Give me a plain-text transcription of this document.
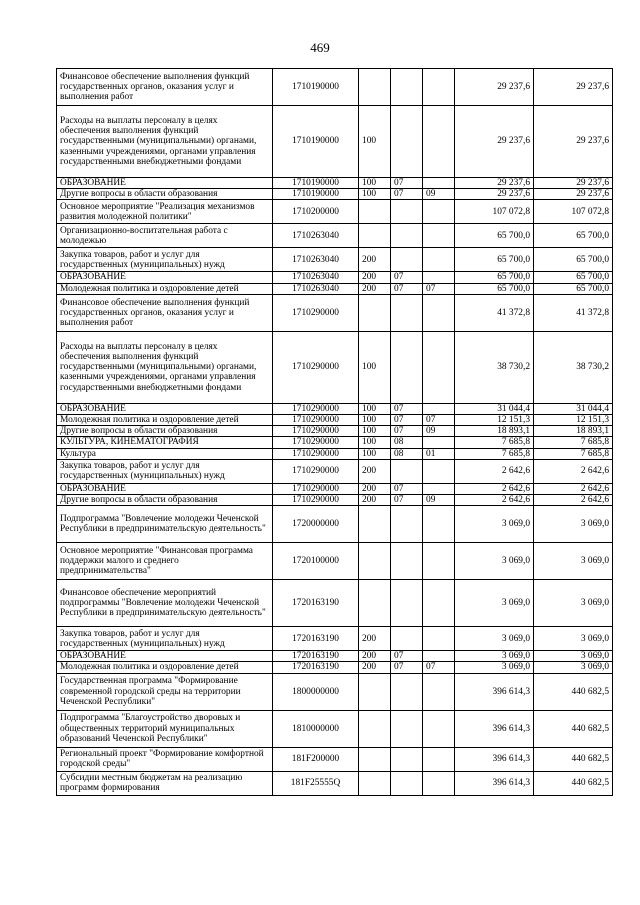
469
Финансовое обеспечение выполнения функций государственных органов, оказания услуг и выполнения работ	1710190000				29 237,6	29 237,6
Расходы на выплаты персоналу в целях обеспечения выполнения функций государственными (муниципальными) органами, казенными учреждениями, органами управления государственными внебюджетными фондами	1710190000	100			29 237,6	29 237,6
ОБРАЗОВАНИЕ	1710190000	100	07		29 237,6	29 237,6
Другие вопросы в области образования	1710190000	100	07	09	29 237,6	29 237,6
Основное мероприятие "Реализация механизмов развития молодежной политики"	1710200000				107 072,8	107 072,8
Организационно-воспитательная работа с молодежью	1710263040				65 700,0	65 700,0
Закупка товаров, работ и услуг для государственных (муниципальных) нужд	1710263040	200			65 700,0	65 700,0
ОБРАЗОВАНИЕ	1710263040	200	07		65 700,0	65 700,0
Молодежная политика и оздоровление детей	1710263040	200	07	07	65 700,0	65 700,0
Финансовое обеспечение выполнения функций государственных органов, оказания услуг и выполнения работ	1710290000				41 372,8	41 372,8
Расходы на выплаты персоналу в целях обеспечения выполнения функций государственными (муниципальными) органами, казенными учреждениями, органами управления государственными внебюджетными фондами	1710290000	100			38 730,2	38 730,2
ОБРАЗОВАНИЕ	1710290000	100	07		31 044,4	31 044,4
Молодежная политика и оздоровление детей	1710290000	100	07	07	12 151,3	12 151,3
Другие вопросы в области образования	1710290000	100	07	09	18 893,1	18 893,1
КУЛЬТУРА, КИНЕМАТОГРАФИЯ	1710290000	100	08		7 685,8	7 685,8
Культура	1710290000	100	08	01	7 685,8	7 685,8
Закупка товаров, работ и услуг для государственных (муниципальных) нужд	1710290000	200			2 642,6	2 642,6
ОБРАЗОВАНИЕ	1710290000	200	07		2 642,6	2 642,6
Другие вопросы в области образования	1710290000	200	07	09	2 642,6	2 642,6
Подпрограмма "Вовлечение молодежи Чеченской Республики в предпринимательскую деятельность"	1720000000				3 069,0	3 069,0
Основное мероприятие "Финансовая программа поддержки малого и среднего предпринимательства"	1720100000				3 069,0	3 069,0
Финансовое обеспечение мероприятий подпрограммы "Вовлечение молодежи Чеченской Республики в предпринимательскую деятельность"	1720163190				3 069,0	3 069,0
Закупка товаров, работ и услуг для государственных (муниципальных) нужд	1720163190	200			3 069,0	3 069,0
ОБРАЗОВАНИЕ	1720163190	200	07		3 069,0	3 069,0
Молодежная политика и оздоровление детей	1720163190	200	07	07	3 069,0	3 069,0
Государственная программа "Формирование современной городской среды на территории Чеченской Республики"	1800000000				396 614,3	440 682,5
Подпрограмма "Благоустройство дворовых и общественных территорий муниципальных образований Чеченской Республики"	1810000000				396 614,3	440 682,5
Региональный проект "Формирование комфортной городской среды"	181F200000				396 614,3	440 682,5
Субсидии местным бюджетам на реализацию программ формирования	181F25555Q				396 614,3	440 682,5
